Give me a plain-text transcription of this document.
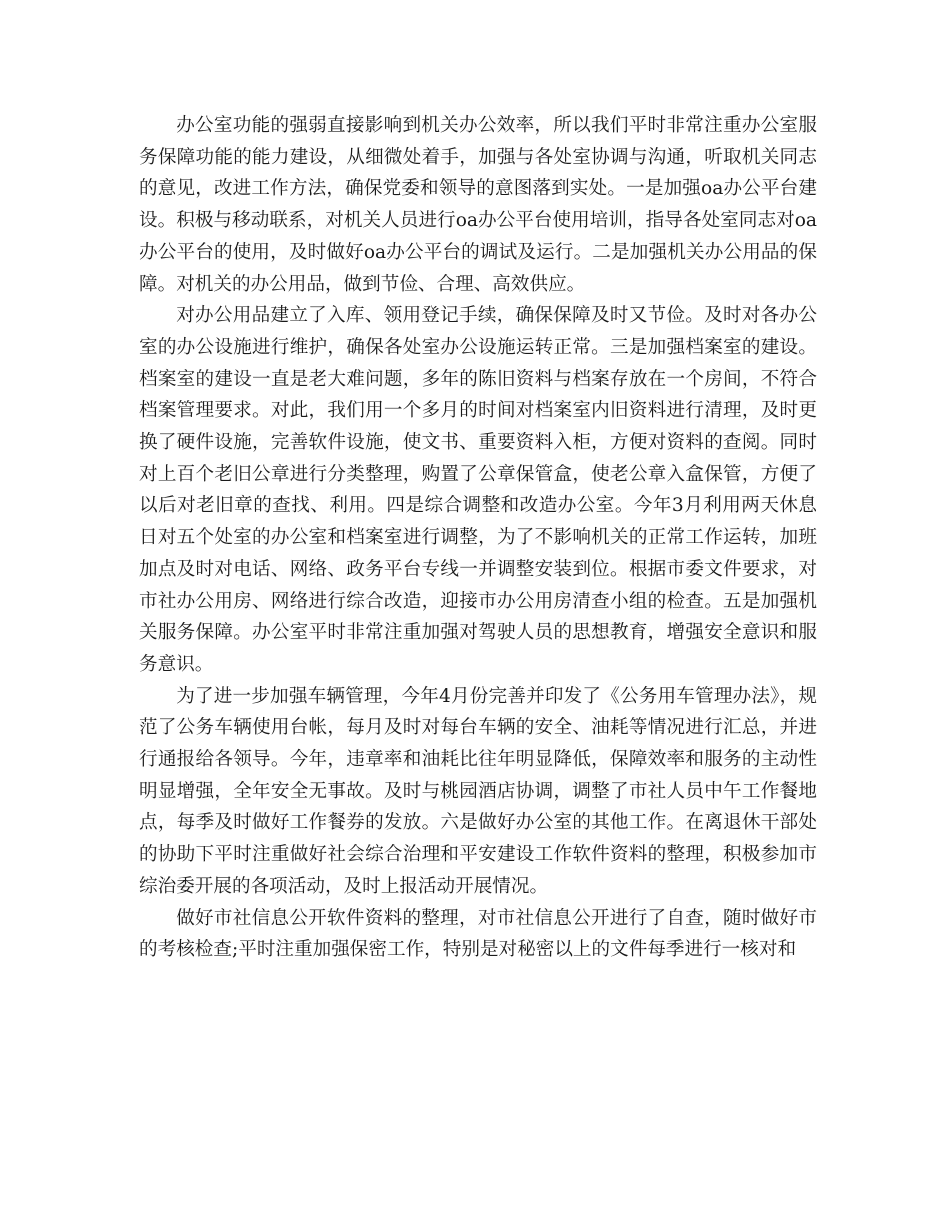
办公室功能的强弱直接影响到机关办公效率，所以我们平时非常注重办公室服务保障功能的能力建设，从细微处着手，加强与各处室协调与沟通，听取机关同志的意见，改进工作方法，确保党委和领导的意图落到实处。一是加强oa办公平台建设。积极与移动联系，对机关人员进行oa办公平台使用培训，指导各处室同志对oa办公平台的使用，及时做好oa办公平台的调试及运行。二是加强机关办公用品的保障。对机关的办公用品，做到节俭、合理、高效供应。

对办公用品建立了入库、领用登记手续，确保保障及时又节俭。及时对各办公室的办公设施进行维护，确保各处室办公设施运转正常。三是加强档案室的建设。档案室的建设一直是老大难问题，多年的陈旧资料与档案存放在一个房间，不符合档案管理要求。对此，我们用一个多月的时间对档案室内旧资料进行清理，及时更换了硬件设施，完善软件设施，使文书、重要资料入柜，方便对资料的查阅。同时对上百个老旧公章进行分类整理，购置了公章保管盒，使老公章入盒保管，方便了以后对老旧章的查找、利用。四是综合调整和改造办公室。今年3月利用两天休息日对五个处室的办公室和档案室进行调整，为了不影响机关的正常工作运转，加班加点及时对电话、网络、政务平台专线一并调整安装到位。根据市委文件要求，对市社办公用房、网络进行综合改造，迎接市办公用房清查小组的检查。五是加强机关服务保障。办公室平时非常注重加强对驾驶人员的思想教育，增强安全意识和服务意识。

为了进一步加强车辆管理，今年4月份完善并印发了《公务用车管理办法》，规范了公务车辆使用台帐，每月及时对每台车辆的安全、油耗等情况进行汇总，并进行通报给各领导。今年，违章率和油耗比往年明显降低，保障效率和服务的主动性明显增强，全年安全无事故。及时与桃园酒店协调，调整了市社人员中午工作餐地点，每季及时做好工作餐券的发放。六是做好办公室的其他工作。在离退休干部处的协助下平时注重做好社会综合治理和平安建设工作软件资料的整理，积极参加市综治委开展的各项活动，及时上报活动开展情况。

做好市社信息公开软件资料的整理，对市社信息公开进行了自查，随时做好市的考核检查;平时注重加强保密工作，特别是对秘密以上的文件每季进行一核对和
